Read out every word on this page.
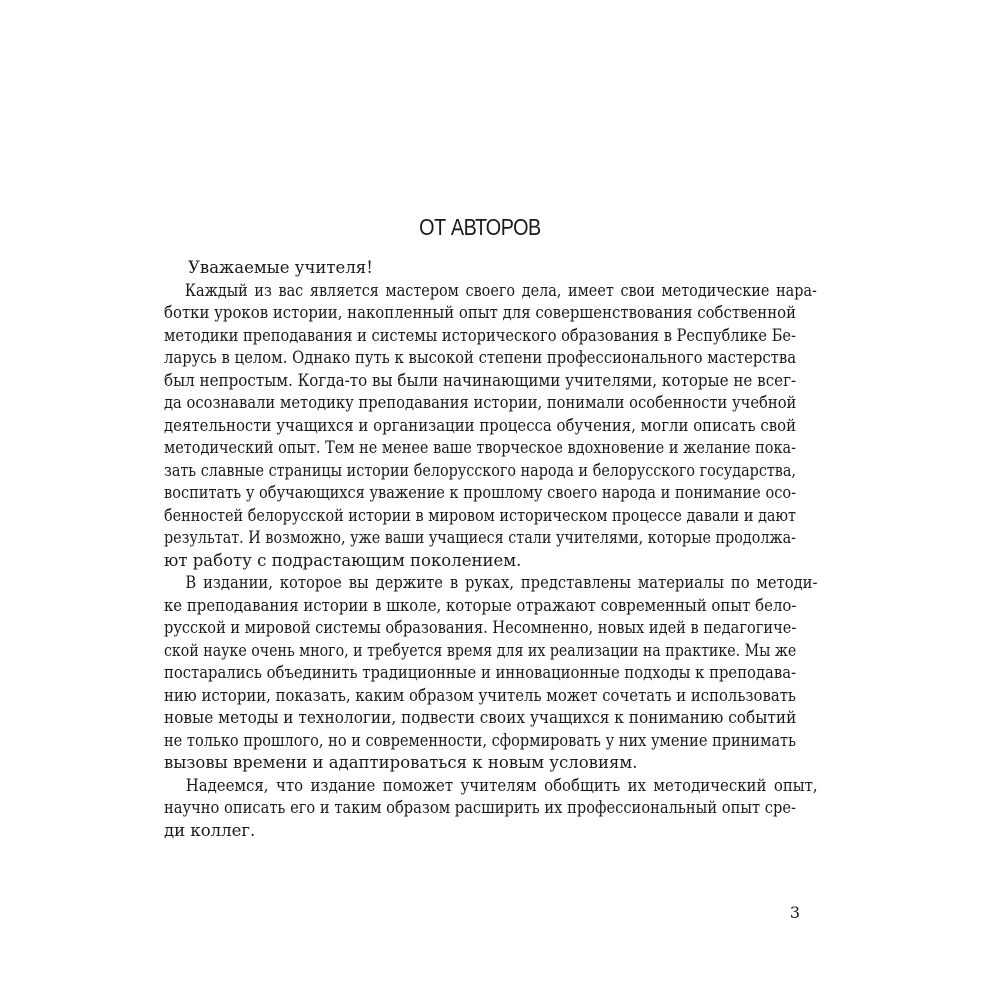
ОТ АВТОРОВ
Уважаемые учителя!
Каждый из вас является мастером своего дела, имеет свои методические нара-
ботки уроков истории, накопленный опыт для совершенствования собственной
методики преподавания и системы исторического образования в Республике Бе-
ларусь в целом. Однако путь к высокой степени профессионального мастерства
был непростым. Когда-то вы были начинающими учителями, которые не всег-
да осознавали методику преподавания истории, понимали особенности учебной
деятельности учащихся и организации процесса обучения, могли описать свой
методический опыт. Тем не менее ваше творческое вдохновение и желание пока-
зать славные страницы истории белорусского народа и белорусского государства,
воспитать у обучающихся уважение к прошлому своего народа и понимание осо-
бенностей белорусской истории в мировом историческом процессе давали и дают
результат. И возможно, уже ваши учащиеся стали учителями, которые продолжа-
ют работу с подрастающим поколением.
В издании, которое вы держите в руках, представлены материалы по методи-
ке преподавания истории в школе, которые отражают современный опыт бело-
русской и мировой системы образования. Несомненно, новых идей в педагогиче-
ской науке очень много, и требуется время для их реализации на практике. Мы же
постарались объединить традиционные и инновационные подходы к преподава-
нию истории, показать, каким образом учитель может сочетать и использовать
новые методы и технологии, подвести своих учащихся к пониманию событий
не только прошлого, но и современности, сформировать у них умение принимать
вызовы времени и адаптироваться к новым условиям.
Надеемся, что издание поможет учителям обобщить их методический опыт,
научно описать его и таким образом расширить их профессиональный опыт сре-
ди коллег.
3
